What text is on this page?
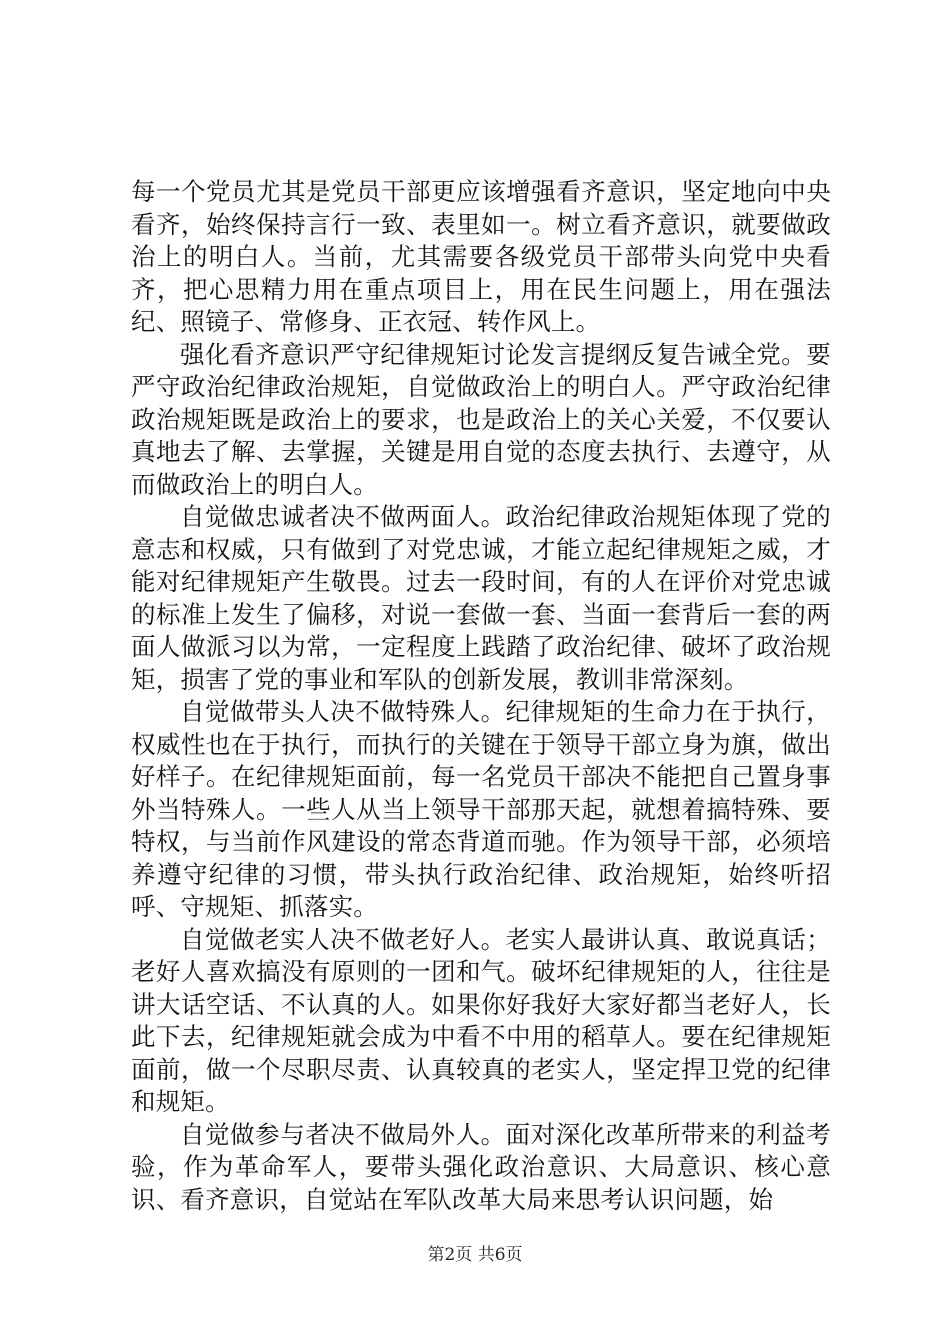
每一个党员尤其是党员干部更应该增强看齐意识，坚定地向中央看齐，始终保持言行一致、表里如一。树立看齐意识，就要做政治上的明白人。当前，尤其需要各级党员干部带头向党中央看齐，把心思精力用在重点项目上，用在民生问题上，用在强法纪、照镜子、常修身、正衣冠、转作风上。

强化看齐意识严守纪律规矩讨论发言提纲反复告诫全党。要严守政治纪律政治规矩，自觉做政治上的明白人。严守政治纪律政治规矩既是政治上的要求，也是政治上的关心关爱，不仅要认真地去了解、去掌握，关键是用自觉的态度去执行、去遵守，从而做政治上的明白人。

自觉做忠诚者决不做两面人。政治纪律政治规矩体现了党的意志和权威，只有做到了对党忠诚，才能立起纪律规矩之威，才能对纪律规矩产生敬畏。过去一段时间，有的人在评价对党忠诚的标准上发生了偏移，对说一套做一套、当面一套背后一套的两面人做派习以为常，一定程度上践踏了政治纪律、破坏了政治规矩，损害了党的事业和军队的创新发展，教训非常深刻。

自觉做带头人决不做特殊人。纪律规矩的生命力在于执行，权威性也在于执行，而执行的关键在于领导干部立身为旗，做出好样子。在纪律规矩面前，每一名党员干部决不能把自己置身事外当特殊人。一些人从当上领导干部那天起，就想着搞特殊、要特权，与当前作风建设的常态背道而驰。作为领导干部，必须培养遵守纪律的习惯，带头执行政治纪律、政治规矩，始终听招呼、守规矩、抓落实。

自觉做老实人决不做老好人。老实人最讲认真、敢说真话；老好人喜欢搞没有原则的一团和气。破坏纪律规矩的人，往往是讲大话空话、不认真的人。如果你好我好大家好都当老好人，长此下去，纪律规矩就会成为中看不中用的稻草人。要在纪律规矩面前，做一个尽职尽责、认真较真的老实人，坚定捍卫党的纪律和规矩。

自觉做参与者决不做局外人。面对深化改革所带来的利益考验，作为革命军人，要带头强化政治意识、大局意识、核心意识、看齐意识，自觉站在军队改革大局来思考认识问题，始

第2页 共6页
